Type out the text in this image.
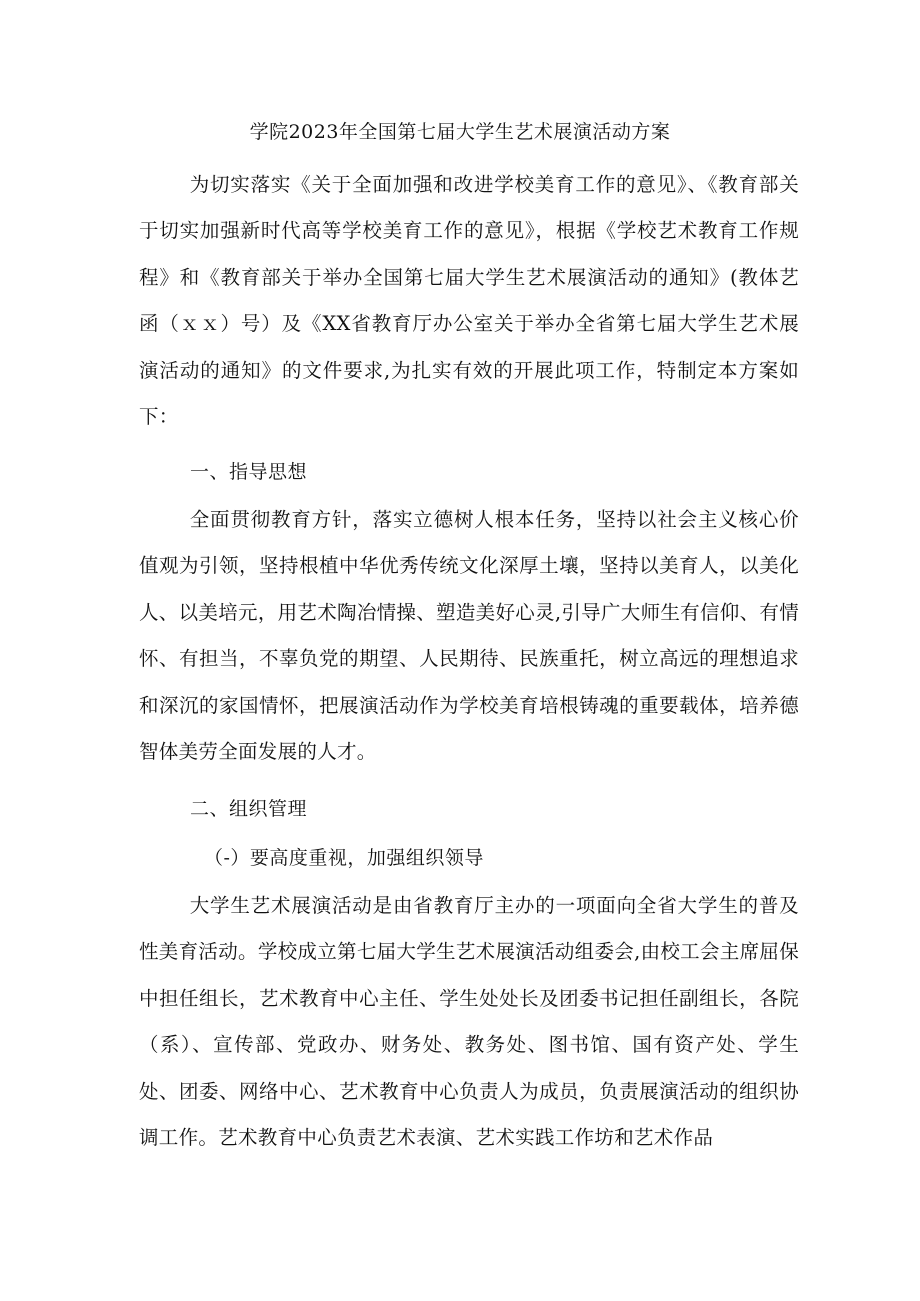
学院2023年全国第七届大学生艺术展演活动方案

为切实落实《关于全面加强和改进学校美育工作的意见》、《教育部关于切实加强新时代高等学校美育工作的意见》，根据《学校艺术教育工作规程》和《教育部关于举办全国第七届大学生艺术展演活动的通知》(教体艺函（ｘｘ）号）及《XX省教育厅办公室关于举办全省第七届大学生艺术展演活动的通知》的文件要求,为扎实有效的开展此项工作，特制定本方案如下：

一、指导思想

全面贯彻教育方针，落实立德树人根本任务，坚持以社会主义核心价值观为引领，坚持根植中华优秀传统文化深厚土壤，坚持以美育人，以美化人、以美培元，用艺术陶冶情操、塑造美好心灵,引导广大师生有信仰、有情怀、有担当，不辜负党的期望、人民期待、民族重托，树立高远的理想追求和深沉的家国情怀，把展演活动作为学校美育培根铸魂的重要载体，培养德智体美劳全面发展的人才。

二、组织管理
（-）要高度重视，加强组织领导

大学生艺术展演活动是由省教育厅主办的一项面向全省大学生的普及性美育活动。学校成立第七届大学生艺术展演活动组委会,由校工会主席屈保中担任组长，艺术教育中心主任、学生处处长及团委书记担任副组长，各院（系）、宣传部、党政办、财务处、教务处、图书馆、国有资产处、学生处、团委、网络中心、艺术教育中心负责人为成员，负责展演活动的组织协调工作。艺术教育中心负责艺术表演、艺术实践工作坊和艺术作品
